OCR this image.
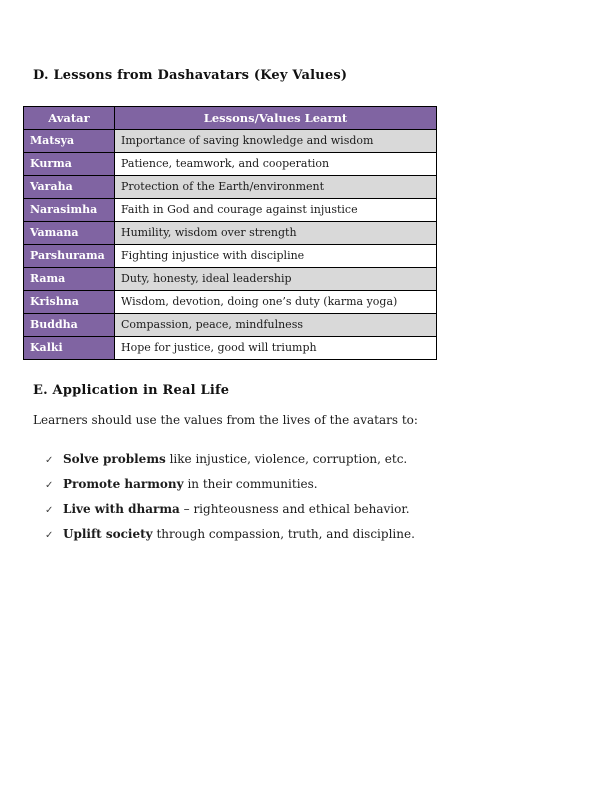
D. Lessons from Dashavatars (Key Values)
Avatar	Lessons/Values Learnt
Matsya	Importance of saving knowledge and wisdom
Kurma	Patience, teamwork, and cooperation
Varaha	Protection of the Earth/environment
Narasimha	Faith in God and courage against injustice
Vamana	Humility, wisdom over strength
Parshurama	Fighting injustice with discipline
Rama	Duty, honesty, ideal leadership
Krishna	Wisdom, devotion, doing one’s duty (karma yoga)
Buddha	Compassion, peace, mindfulness
Kalki	Hope for justice, good will triumph
E. Application in Real Life
Learners should use the values from the lives of the avatars to:
✓ Solve problems like injustice, violence, corruption, etc.
✓ Promote harmony in their communities.
✓ Live with dharma – righteousness and ethical behavior.
✓ Uplift society through compassion, truth, and discipline.
